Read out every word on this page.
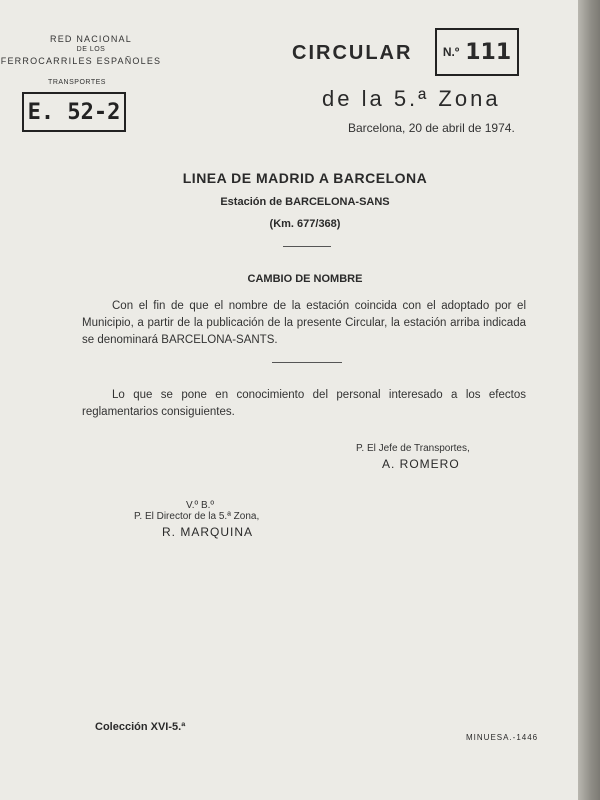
RED NACIONAL
DE LOS
FERROCARRILES ESPAÑOLES
TRANSPORTES
E. 52-2
CIRCULAR	N.º 111
de la 5.ª Zona
Barcelona, 20 de abril de 1974.
LINEA DE MADRID A BARCELONA
Estación de BARCELONA-SANS
(Km. 677/368)
CAMBIO DE NOMBRE
Con el fin de que el nombre de la estación coincida con el adoptado por el Municipio, a partir de la publicación de la presente Circular, la estación arriba indicada se denominará BARCELONA-SANTS.
Lo que se pone en conocimiento del personal interesado a los efectos reglamentarios consiguientes.
P. El Jefe de Transportes,
A. ROMERO
V.º B.º
P. El Director de la 5.ª Zona,
R. MARQUINA
Colección XVI-5.ª
MINUESA.-1446
